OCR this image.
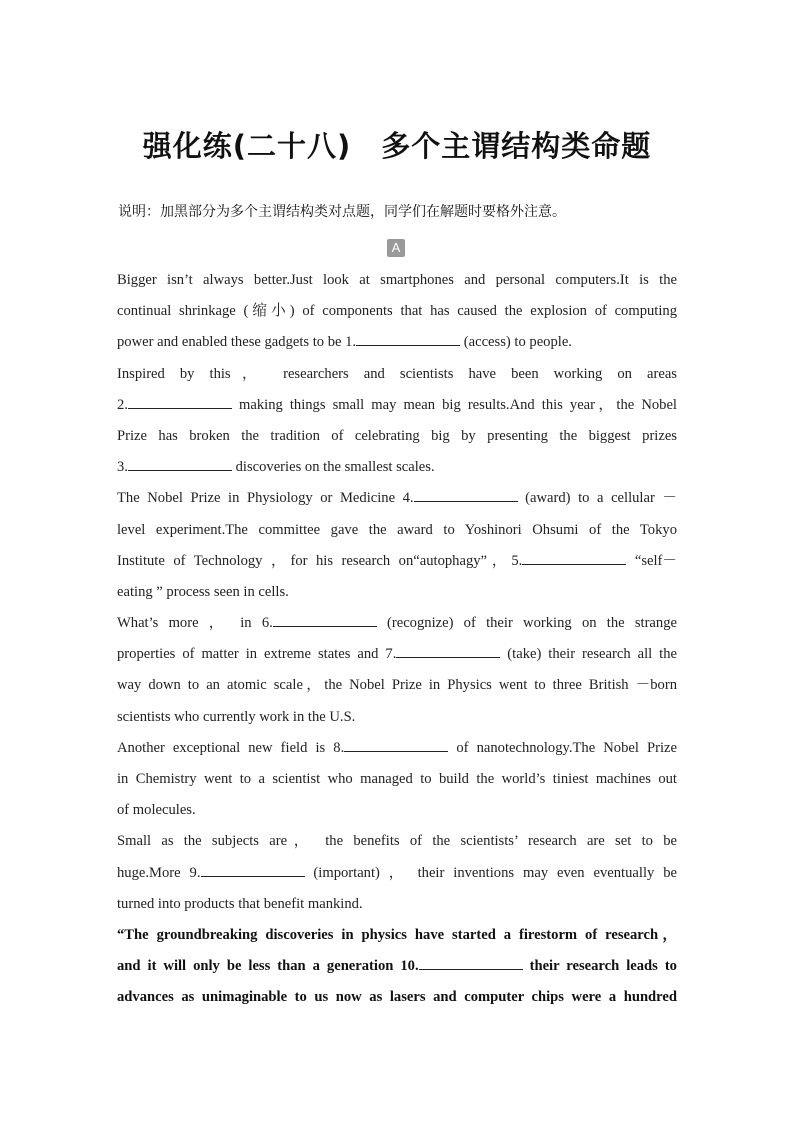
强化练(二十八)　多个主谓结构类命题
说明：加黑部分为多个主谓结构类对点题，同学们在解题时要格外注意。
A
Bigger isn’t always better.Just look at smartphones and personal computers.It is the
continual shrinkage (缩小) of components that has caused the explosion of computing
power and enabled these gadgets to be 1.	(access) to people.
Inspired by this， researchers and scientists have been working on areas
2.	making things small may mean big results.And this year，the Nobel
Prize has broken the tradition of celebrating big by presenting the biggest prizes
3.	discoveries on the smallest scales.
The Nobel Prize in Physiology or Medicine 4.	(award) to a cellular －
level experiment.The committee gave the award to Yoshinori Ohsumi of the Tokyo
Institute of Technology ，for his research on“autophagy”，5.	“self－
eating ” process seen in cells.
What’s more ， in 6.	(recognize) of their working on the strange
properties of matter in extreme states and 7.	(take) their research all the
way down to an atomic scale，the Nobel Prize in Physics went to three British －born
scientists who currently work in the U.S.
Another exceptional new field is 8.	of nanotechnology.The Nobel Prize
in Chemistry went to a scientist who managed to build the world’s tiniest machines out
of molecules.
Small as the subjects are， the benefits of the scientists’ research are set to be
huge.More 9.	(important) ， their inventions may even eventually be
turned into products that benefit mankind.
“The groundbreaking discoveries in physics have started a firestorm of research，
and it will only be less than a generation 10.	their research leads to
advances as unimaginable to us now as lasers and computer chips were a hundred
